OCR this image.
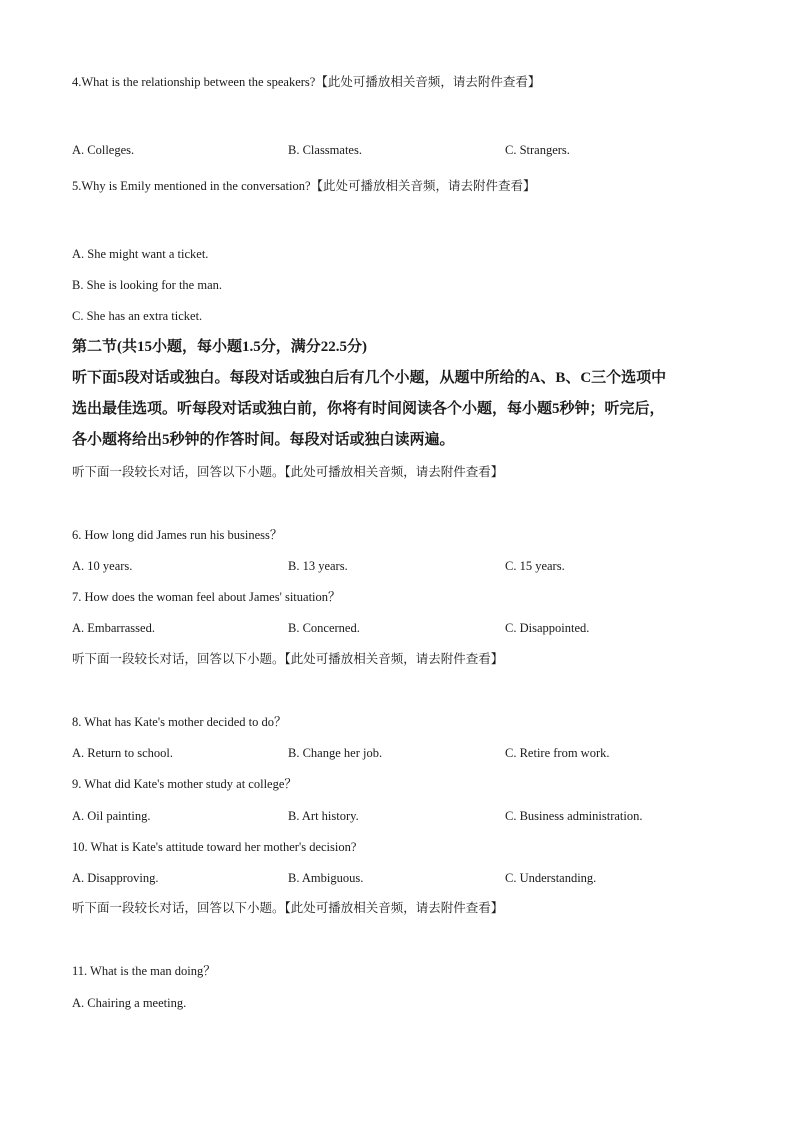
4.What is the relationship between the speakers?【此处可播放相关音频，请去附件查看】
A. Colleges.	B. Classmates.	C. Strangers.
5.Why is Emily mentioned in the conversation?【此处可播放相关音频，请去附件查看】
A. She might want a ticket.
B. She is looking for the man.
C. She has an extra ticket.
第二节(共15小题，每小题1.5分，满分22.5分)
听下面5段对话或独白。每段对话或独白后有几个小题，从题中所给的A、B、C三个选项中
选出最佳选项。听每段对话或独白前，你将有时间阅读各个小题，每小题5秒钟；听完后，
各小题将给出5秒钟的作答时间。每段对话或独白读两遍。
听下面一段较长对话，回答以下小题。【此处可播放相关音频，请去附件查看】
6. How long did James run his business？
A. 10 years.	B. 13 years.	C. 15 years.
7. How does the woman feel about James' situation？
A. Embarrassed.	B. Concerned.	C. Disappointed.
听下面一段较长对话，回答以下小题。【此处可播放相关音频，请去附件查看】
8. What has Kate's mother decided to do？
A. Return to school.	B. Change her job.	C. Retire from work.
9. What did Kate's mother study at college？
A. Oil painting.	B. Art history.	C. Business administration.
10. What is Kate's attitude toward her mother's decision?
A. Disapproving.	B. Ambiguous.	C. Understanding.
听下面一段较长对话，回答以下小题。【此处可播放相关音频，请去附件查看】
11. What is the man doing？
A. Chairing a meeting.
